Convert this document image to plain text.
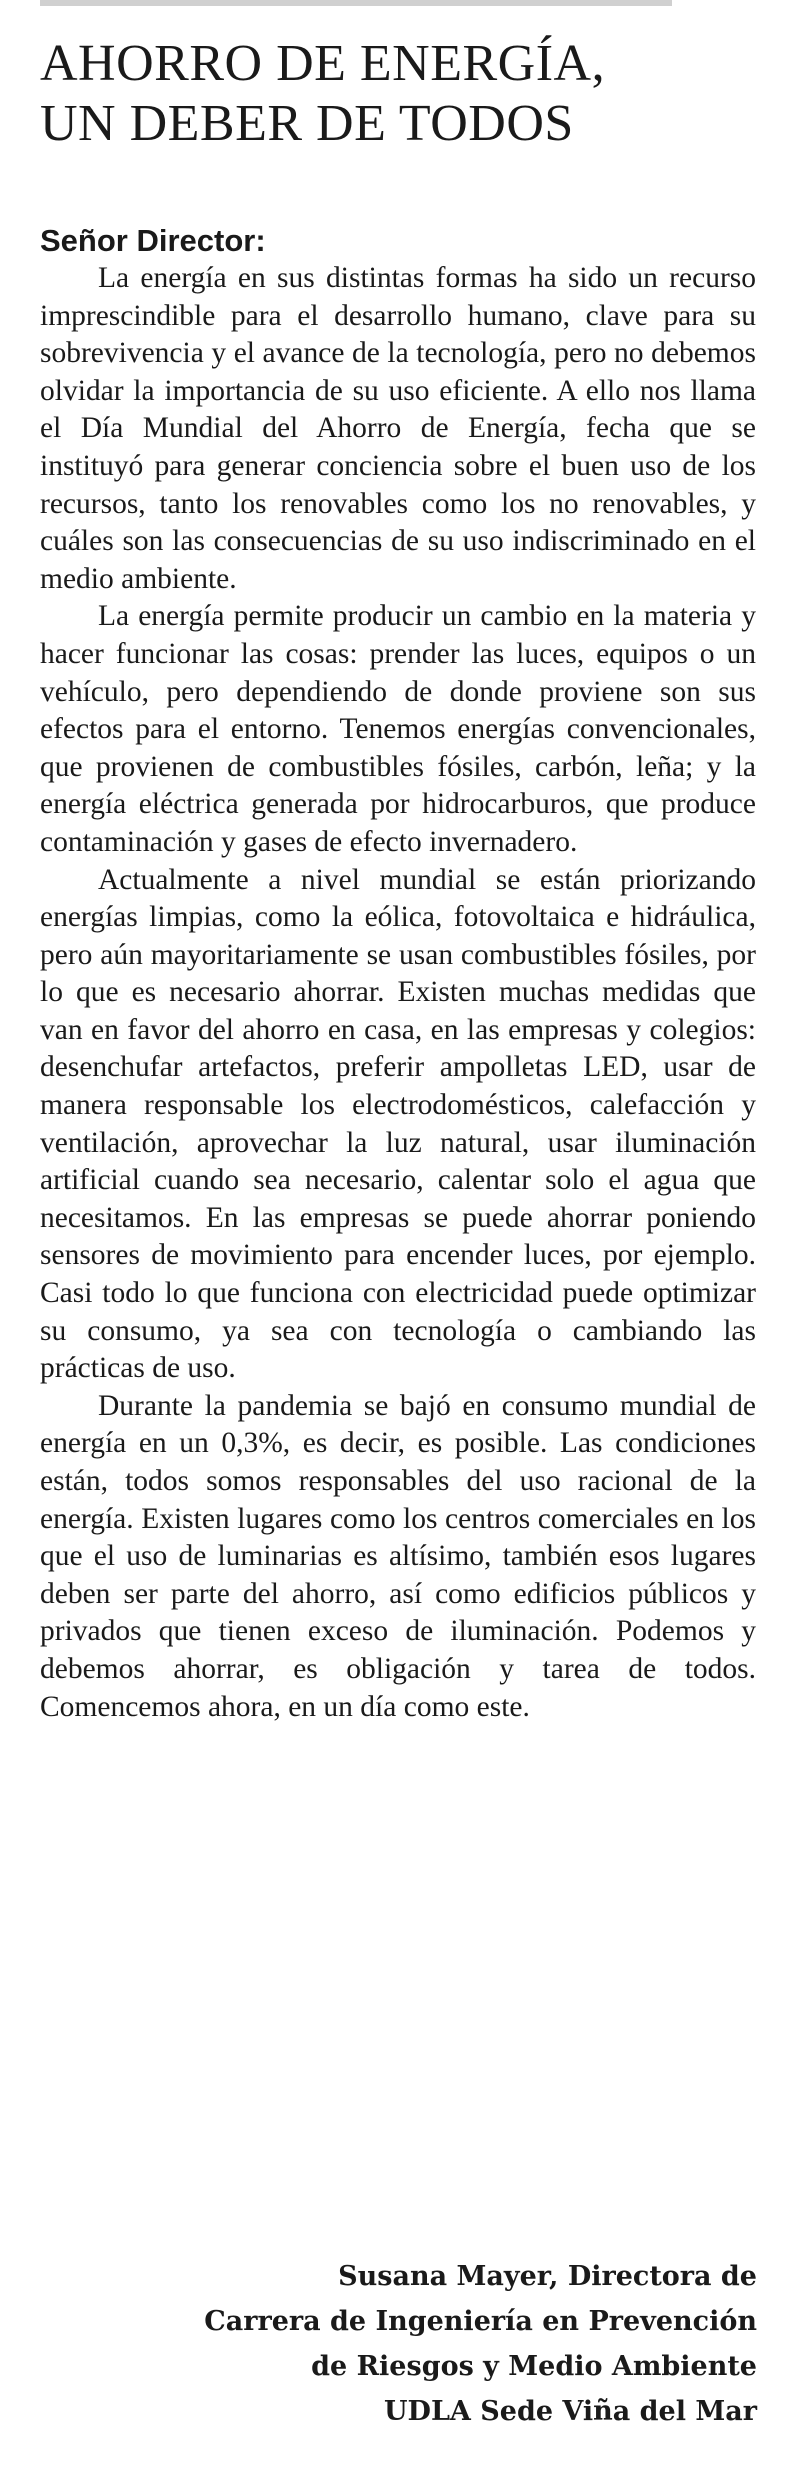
AHORRO DE ENERGÍA,
UN DEBER DE TODOS

Señor Director:

La energía en sus distintas formas ha sido un recurso imprescindible para el desarrollo humano, clave para su sobrevivencia y el avance de la tecnología, pero no debemos olvidar la importancia de su uso eficiente. A ello nos llama el Día Mundial del Ahorro de Energía, fecha que se instituyó para generar conciencia sobre el buen uso de los recursos, tanto los renovables como los no renovables, y cuáles son las consecuencias de su uso indiscriminado en el medio ambiente.

La energía permite producir un cambio en la materia y hacer funcionar las cosas: prender las luces, equipos o un vehículo, pero dependiendo de donde proviene son sus efectos para el entorno. Tenemos energías convencionales, que provienen de combustibles fósiles, carbón, leña; y la energía eléctrica generada por hidrocarburos, que produce contaminación y gases de efecto invernadero.

Actualmente a nivel mundial se están priorizando energías limpias, como la eólica, fotovoltaica e hidráulica, pero aún mayoritariamente se usan combustibles fósiles, por lo que es necesario ahorrar. Existen muchas medidas que van en favor del ahorro en casa, en las empresas y colegios: desenchufar artefactos, preferir ampolletas LED, usar de manera responsable los electrodomésticos, calefacción y ventilación, aprovechar la luz natural, usar iluminación artificial cuando sea necesario, calentar solo el agua que necesitamos. En las empresas se puede ahorrar poniendo sensores de movimiento para encender luces, por ejemplo. Casi todo lo que funciona con electricidad puede optimizar su consumo, ya sea con tecnología o cambiando las prácticas de uso.

Durante la pandemia se bajó en consumo mundial de energía en un 0,3%, es decir, es posible. Las condiciones están, todos somos responsables del uso racional de la energía. Existen lugares como los centros comerciales en los que el uso de luminarias es altísimo, también esos lugares deben ser parte del ahorro, así como edificios públicos y privados que tienen exceso de iluminación. Podemos y debemos ahorrar, es obligación y tarea de todos. Comencemos ahora, en un día como este.

Susana Mayer, Directora de
Carrera de Ingeniería en Prevención
de Riesgos y Medio Ambiente
UDLA Sede Viña del Mar
